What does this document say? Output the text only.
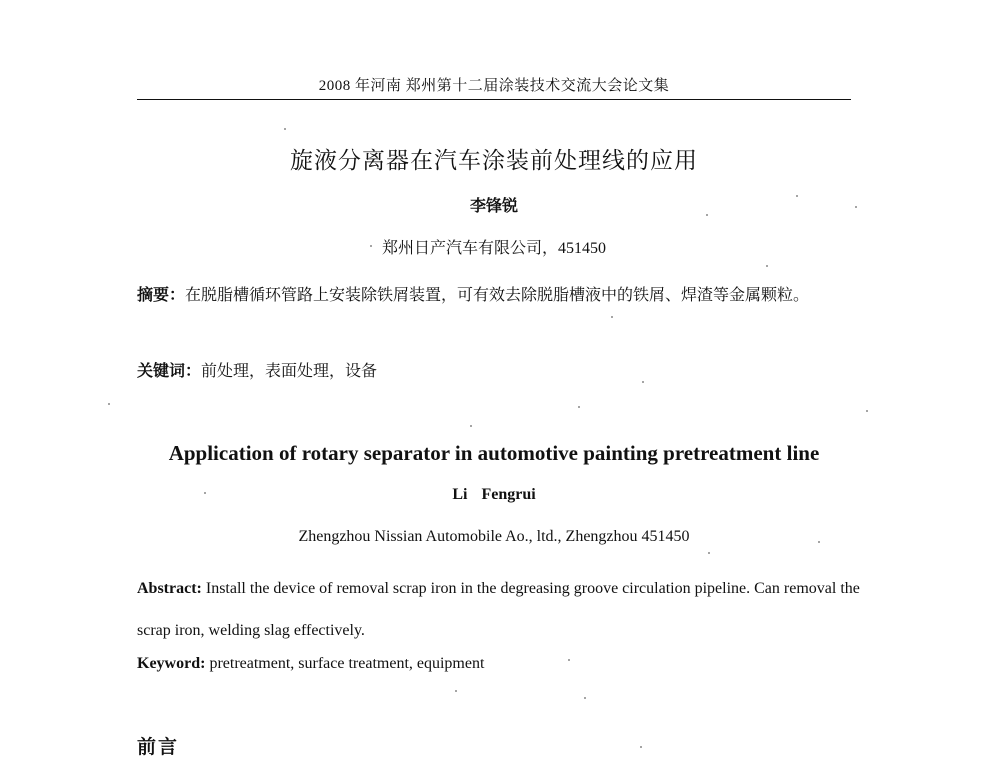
2008 年河南 郑州第十二届涂装技术交流大会论文集
旋液分离器在汽车涂装前处理线的应用
李锋锐
郑州日产汽车有限公司，451450
摘要：在脱脂槽循环管路上安装除铁屑装置，可有效去除脱脂槽液中的铁屑、焊渣等金属颗粒。
关键词：前处理，表面处理，设备
Application of rotary separator in automotive painting pretreatment line
Li Fengrui
Zhengzhou Nissian Automobile Ao., ltd., Zhengzhou 451450
Abstract: Install the device of removal scrap iron in the degreasing groove circulation pipeline. Can removal the scrap iron, welding slag effectively.
Keyword: pretreatment, surface treatment, equipment
前言
